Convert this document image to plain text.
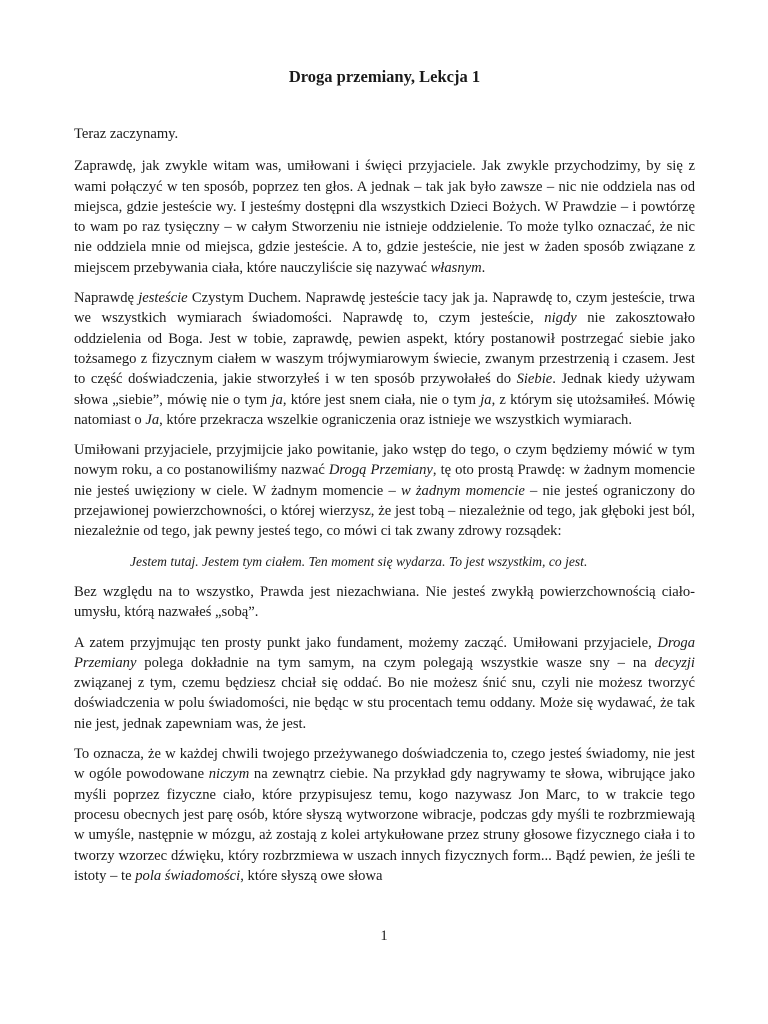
Droga przemiany, Lekcja 1

Teraz zaczynamy.

Zaprawdę, jak zwykle witam was, umiłowani i święci przyjaciele. Jak zwykle przychodzimy, by się z wami połączyć w ten sposób, poprzez ten głos. A jednak – tak jak było zawsze – nic nie oddziela nas od miejsca, gdzie jesteście wy. I jesteśmy dostępni dla wszystkich Dzieci Bożych. W Prawdzie – i powtórzę to wam po raz tysięczny – w całym Stworzeniu nie istnieje oddzielenie. To może tylko oznaczać, że nic nie oddziela mnie od miejsca, gdzie jesteście. A to, gdzie jesteście, nie jest w żaden sposób związane z miejscem przebywania ciała, które nauczyliście się nazywać własnym.

Naprawdę jesteście Czystym Duchem. Naprawdę jesteście tacy jak ja. Naprawdę to, czym jesteście, trwa we wszystkich wymiarach świadomości. Naprawdę to, czym jesteście, nigdy nie zakosztowało oddzielenia od Boga. Jest w tobie, zaprawdę, pewien aspekt, który postanowił postrzegać siebie jako tożsamego z fizycznym ciałem w waszym trójwymiarowym świecie, zwanym przestrzenią i czasem. Jest to część doświadczenia, jakie stworzyłeś i w ten sposób przywołałeś do Siebie. Jednak kiedy używam słowa „siebie”, mówię nie o tym ja, które jest snem ciała, nie o tym ja, z którym się utożsamiłeś. Mówię natomiast o Ja, które przekracza wszelkie ograniczenia oraz istnieje we wszystkich wymiarach.

Umiłowani przyjaciele, przyjmijcie jako powitanie, jako wstęp do tego, o czym będziemy mówić w tym nowym roku, a co postanowiliśmy nazwać Drogą Przemiany, tę oto prostą Prawdę: w żadnym momencie nie jesteś uwięziony w ciele. W żadnym momencie – w żadnym momencie – nie jesteś ograniczony do przejawionej powierzchowności, o której wierzysz, że jest tobą – niezależnie od tego, jak głęboki jest ból, niezależnie od tego, jak pewny jesteś tego, co mówi ci tak zwany zdrowy rozsądek:

Jestem tutaj. Jestem tym ciałem. Ten moment się wydarza. To jest wszystkim, co jest.

Bez względu na to wszystko, Prawda jest niezachwiana. Nie jesteś zwykłą powierzchownością ciało-umysłu, którą nazwałeś „sobą”.

A zatem przyjmując ten prosty punkt jako fundament, możemy zacząć. Umiłowani przyjaciele, Droga Przemiany polega dokładnie na tym samym, na czym polegają wszystkie wasze sny – na decyzji związanej z tym, czemu będziesz chciał się oddać. Bo nie możesz śnić snu, czyli nie możesz tworzyć doświadczenia w polu świadomości, nie będąc w stu procentach temu oddany. Może się wydawać, że tak nie jest, jednak zapewniam was, że jest.

To oznacza, że w każdej chwili twojego przeżywanego doświadczenia to, czego jesteś świadomy, nie jest w ogóle powodowane niczym na zewnątrz ciebie. Na przykład gdy nagrywamy te słowa, wibrujące jako myśli poprzez fizyczne ciało, które przypisujesz temu, kogo nazywasz Jon Marc, to w trakcie tego procesu obecnych jest parę osób, które słyszą wytworzone wibracje, podczas gdy myśli te rozbrzmiewają w umyśle, następnie w mózgu, aż zostają z kolei artykułowane przez struny głosowe fizycznego ciała i to tworzy wzorzec dźwięku, który rozbrzmiewa w uszach innych fizycznych form... Bądź pewien, że jeśli te istoty – te pola świadomości, które słyszą owe słowa

1
